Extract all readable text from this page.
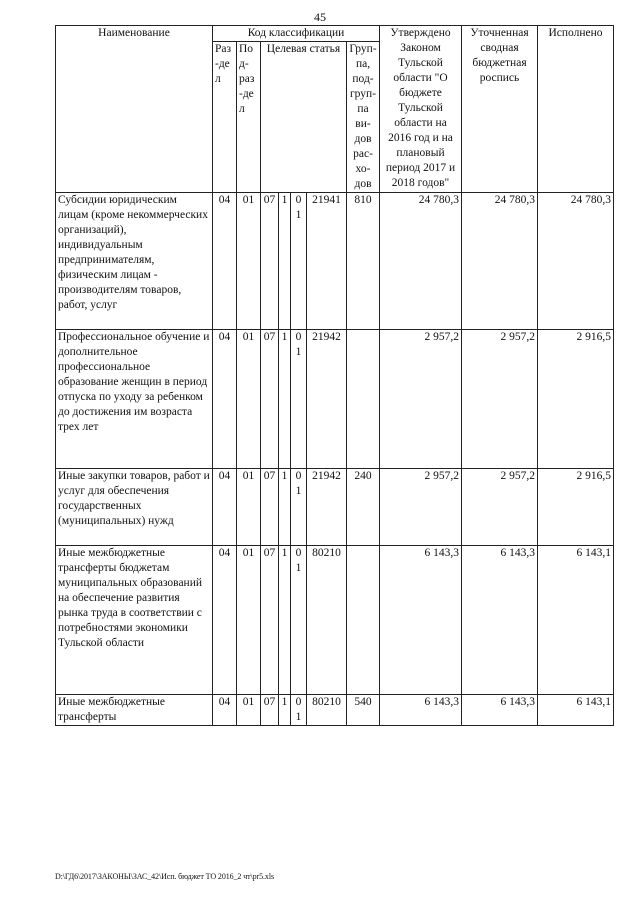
45
Наименование	Код классификации							Утверждено Законом Тульской области "О бюджете Тульской области на 2016 год и на плановый период 2017 и 2018 годов"	Уточненная сводная бюджетная роспись	Исполнено
	Раз-дел	Под-раз-дел	Целевая статья				Груп-па, под-груп-па ви-дов рас-хо-дов			
Субсидии юридическим лицам (кроме некоммерческих организаций), индивидуальным предпринимателям, физическим лицам - производителям товаров, работ, услуг	04	01	07	1	01	21941	810	24 780,3	24 780,3	24 780,3
Профессиональное обучение и дополнительное профессиональное образование женщин в период отпуска по уходу за ребенком до достижения им возраста трех лет	04	01	07	1	01	21942		2 957,2	2 957,2	2 916,5
Иные закупки товаров, работ и услуг для обеспечения государственных (муниципальных) нужд	04	01	07	1	01	21942	240	2 957,2	2 957,2	2 916,5
Иные межбюджетные трансферты бюджетам муниципальных образований на обеспечение развития рынка труда в соответствии с потребностями экономики Тульской области	04	01	07	1	01	80210		6 143,3	6 143,3	6 143,1
Иные межбюджетные трансферты	04	01	07	1	01	80210	540	6 143,3	6 143,3	6 143,1
D:\ГД6\2017\ЗАКОНЫ\ЗАС_42\Исп. бюджет ТО 2016_2 чт\pr5.xls
